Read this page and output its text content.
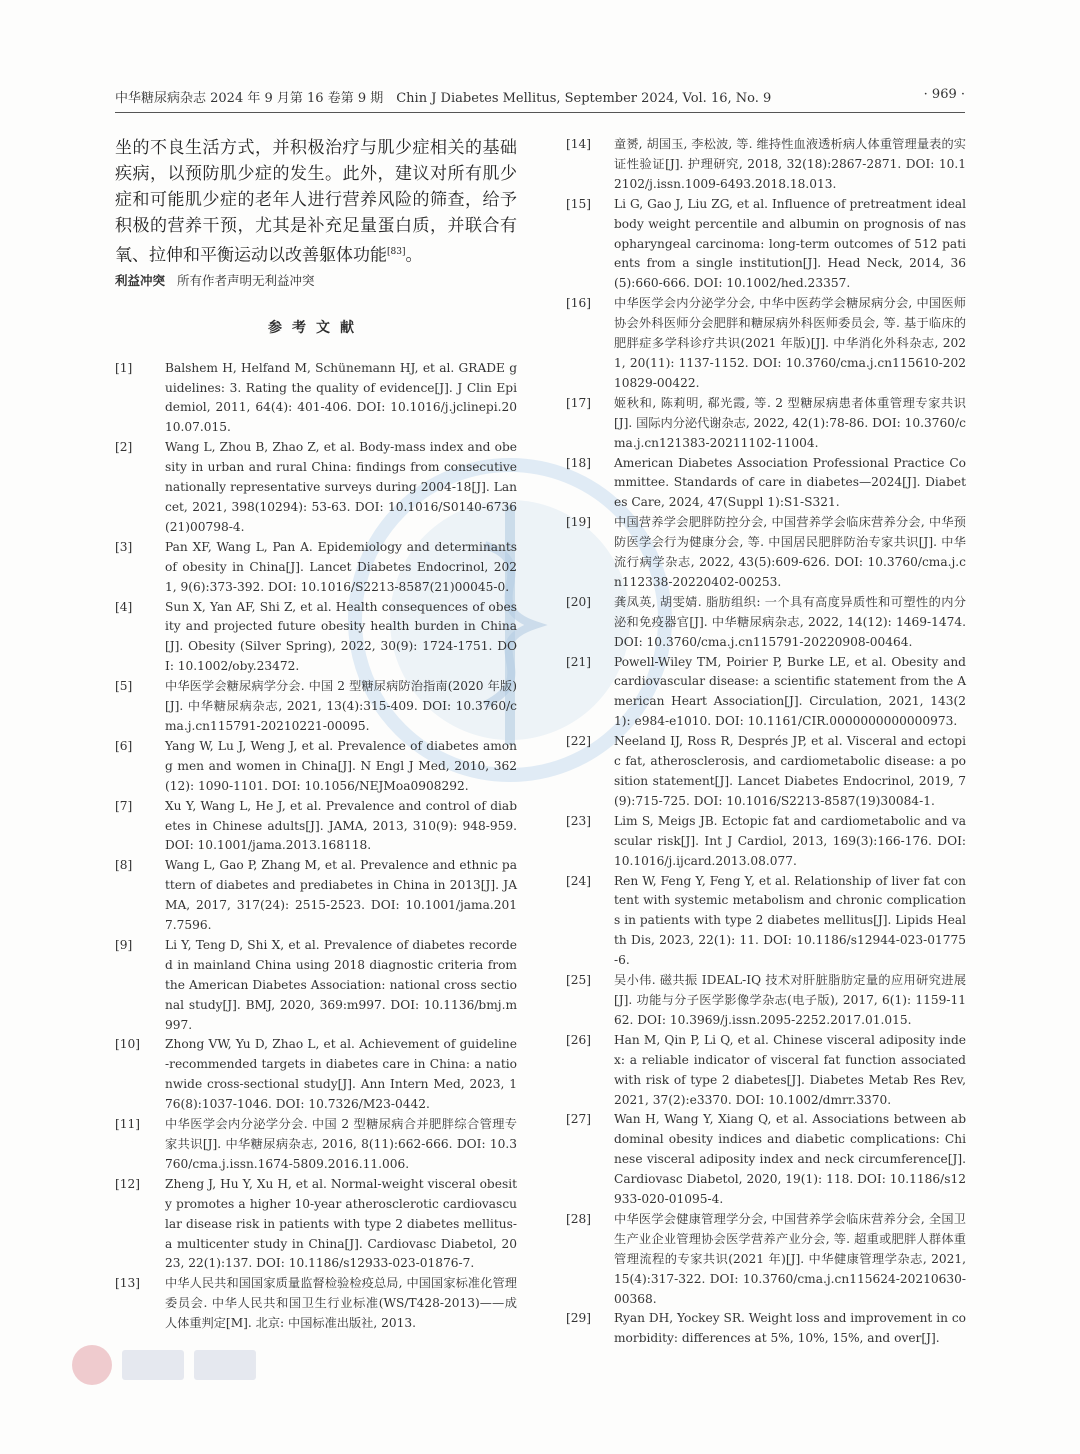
中华糖尿病杂志 2024 年 9 月第 16 卷第 9 期　Chin J Diabetes Mellitus, September 2024, Vol. 16, No. 9	· 969 ·

坐的不良生活方式，并积极治疗与肌少症相关的基础疾病，以预防肌少症的发生。此外，建议对所有肌少症和可能肌少症的老年人进行营养风险的筛查，给予积极的营养干预，尤其是补充足量蛋白质，并联合有氧、拉伸和平衡运动以改善躯体功能[83]。

利益冲突 所有作者声明无利益冲突
参考文献
[1]	Balshem H, Helfand M, Schünemann HJ, et al. GRADE guidelines: 3. Rating the quality of evidence[J]. J Clin Epidemiol, 2011, 64(4): 401-406. DOI: 10.1016/j.jclinepi.2010.07.015.
[2]	Wang L, Zhou B, Zhao Z, et al. Body-mass index and obesity in urban and rural China: findings from consecutive nationally representative surveys during 2004-18[J]. Lancet, 2021, 398(10294): 53-63. DOI: 10.1016/S0140-6736(21)00798-4.
[3]	Pan XF, Wang L, Pan A. Epidemiology and determinants of obesity in China[J]. Lancet Diabetes Endocrinol, 2021, 9(6):373-392. DOI: 10.1016/S2213-8587(21)00045-0.
[4]	Sun X, Yan AF, Shi Z, et al. Health consequences of obesity and projected future obesity health burden in China[J]. Obesity (Silver Spring), 2022, 30(9): 1724-1751. DOI: 10.1002/oby.23472.
[5]	中华医学会糖尿病学分会. 中国 2 型糖尿病防治指南(2020 年版)[J]. 中华糖尿病杂志, 2021, 13(4):315-409. DOI: 10.3760/cma.j.cn115791-20210221-00095.
[6]	Yang W, Lu J, Weng J, et al. Prevalence of diabetes among men and women in China[J]. N Engl J Med, 2010, 362(12): 1090-1101. DOI: 10.1056/NEJMoa0908292.
[7]	Xu Y, Wang L, He J, et al. Prevalence and control of diabetes in Chinese adults[J]. JAMA, 2013, 310(9): 948-959. DOI: 10.1001/jama.2013.168118.
[8]	Wang L, Gao P, Zhang M, et al. Prevalence and ethnic pattern of diabetes and prediabetes in China in 2013[J]. JAMA, 2017, 317(24): 2515-2523. DOI: 10.1001/jama.2017.7596.
[9]	Li Y, Teng D, Shi X, et al. Prevalence of diabetes recorded in mainland China using 2018 diagnostic criteria from the American Diabetes Association: national cross sectional study[J]. BMJ, 2020, 369:m997. DOI: 10.1136/bmj.m997.
[10]	Zhong VW, Yu D, Zhao L, et al. Achievement of guideline-recommended targets in diabetes care in China: a nationwide cross-sectional study[J]. Ann Intern Med, 2023, 176(8):1037-1046. DOI: 10.7326/M23-0442.
[11]	中华医学会内分泌学分会. 中国 2 型糖尿病合并肥胖综合管理专家共识[J]. 中华糖尿病杂志, 2016, 8(11):662-666. DOI: 10.3760/cma.j.issn.1674-5809.2016.11.006.
[12]	Zheng J, Hu Y, Xu H, et al. Normal-weight visceral obesity promotes a higher 10-year atherosclerotic cardiovascular disease risk in patients with type 2 diabetes mellitus-a multicenter study in China[J]. Cardiovasc Diabetol, 2023, 22(1):137. DOI: 10.1186/s12933-023-01876-7.
[13]	中华人民共和国国家质量监督检验检疫总局, 中国国家标准化管理委员会. 中华人民共和国卫生行业标准(WS/T428-2013)——成人体重判定[M]. 北京: 中国标准出版社, 2013.
[14]	童赟, 胡国玉, 李松波, 等. 维持性血液透析病人体重管理量表的实证性验证[J]. 护理研究, 2018, 32(18):2867-2871. DOI: 10.12102/j.issn.1009-6493.2018.18.013.
[15]	Li G, Gao J, Liu ZG, et al. Influence of pretreatment ideal body weight percentile and albumin on prognosis of nasopharyngeal carcinoma: long-term outcomes of 512 patients from a single institution[J]. Head Neck, 2014, 36(5):660-666. DOI: 10.1002/hed.23357.
[16]	中华医学会内分泌学分会, 中华中医药学会糖尿病分会, 中国医师协会外科医师分会肥胖和糖尿病外科医师委员会, 等. 基于临床的肥胖症多学科诊疗共识(2021 年版)[J]. 中华消化外科杂志, 2021, 20(11): 1137-1152. DOI: 10.3760/cma.j.cn115610-20210829-00422.
[17]	姬秋和, 陈莉明, 郗光霞, 等. 2 型糖尿病患者体重管理专家共识[J]. 国际内分泌代谢杂志, 2022, 42(1):78-86. DOI: 10.3760/cma.j.cn121383-20211102-11004.
[18]	American Diabetes Association Professional Practice Committee. Standards of care in diabetes—2024[J]. Diabetes Care, 2024, 47(Suppl 1):S1-S321.
[19]	中国营养学会肥胖防控分会, 中国营养学会临床营养分会, 中华预防医学会行为健康分会, 等. 中国居民肥胖防治专家共识[J]. 中华流行病学杂志, 2022, 43(5):609-626. DOI: 10.3760/cma.j.cn112338-20220402-00253.
[20]	龚凤英, 胡雯婧. 脂肪组织: 一个具有高度异质性和可塑性的内分泌和免疫器官[J]. 中华糖尿病杂志, 2022, 14(12): 1469-1474. DOI: 10.3760/cma.j.cn115791-20220908-00464.
[21]	Powell-Wiley TM, Poirier P, Burke LE, et al. Obesity and cardiovascular disease: a scientific statement from the American Heart Association[J]. Circulation, 2021, 143(21): e984-e1010. DOI: 10.1161/CIR.0000000000000973.
[22]	Neeland IJ, Ross R, Després JP, et al. Visceral and ectopic fat, atherosclerosis, and cardiometabolic disease: a position statement[J]. Lancet Diabetes Endocrinol, 2019, 7(9):715-725. DOI: 10.1016/S2213-8587(19)30084-1.
[23]	Lim S, Meigs JB. Ectopic fat and cardiometabolic and vascular risk[J]. Int J Cardiol, 2013, 169(3):166-176. DOI: 10.1016/j.ijcard.2013.08.077.
[24]	Ren W, Feng Y, Feng Y, et al. Relationship of liver fat content with systemic metabolism and chronic complications in patients with type 2 diabetes mellitus[J]. Lipids Health Dis, 2023, 22(1): 11. DOI: 10.1186/s12944-023-01775-6.
[25]	吴小伟. 磁共振 IDEAL-IQ 技术对肝脏脂肪定量的应用研究进展[J]. 功能与分子医学影像学杂志(电子版), 2017, 6(1): 1159-1162. DOI: 10.3969/j.issn.2095-2252.2017.01.015.
[26]	Han M, Qin P, Li Q, et al. Chinese visceral adiposity index: a reliable indicator of visceral fat function associated with risk of type 2 diabetes[J]. Diabetes Metab Res Rev, 2021, 37(2):e3370. DOI: 10.1002/dmrr.3370.
[27]	Wan H, Wang Y, Xiang Q, et al. Associations between abdominal obesity indices and diabetic complications: Chinese visceral adiposity index and neck circumference[J]. Cardiovasc Diabetol, 2020, 19(1): 118. DOI: 10.1186/s12933-020-01095-4.
[28]	中华医学会健康管理学分会, 中国营养学会临床营养分会, 全国卫生产业企业管理协会医学营养产业分会, 等. 超重或肥胖人群体重管理流程的专家共识(2021 年)[J]. 中华健康管理学杂志, 2021, 15(4):317-322. DOI: 10.3760/cma.j.cn115624-20210630-00368.
[29]	Ryan DH, Yockey SR. Weight loss and improvement in comorbidity: differences at 5%, 10%, 15%, and over[J].
